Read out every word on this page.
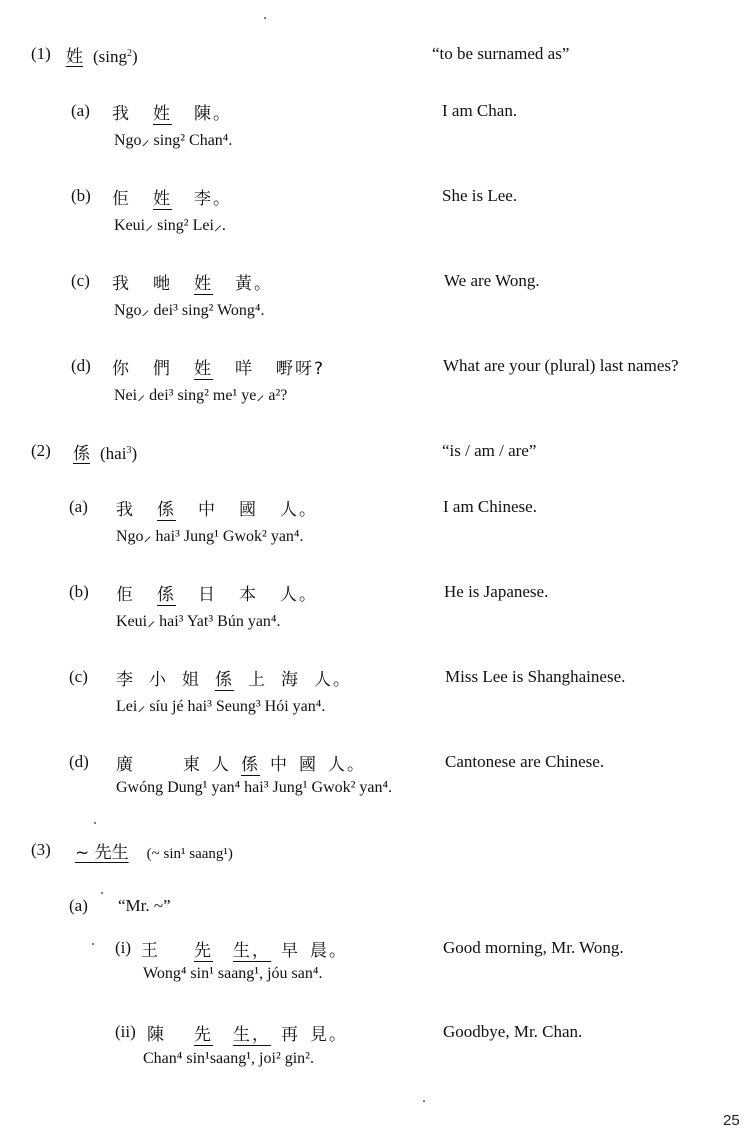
(1) 姓 (sing$^2$)	“to be surnamed as”
(a) 我 姓 陳。
Ngo⸝ sing² Chan⁴.
I am Chan.
(b) 佢 姓 李。
Keui⸝ sing² Lei⸝.
She is Lee.
(c) 我 哋 姓 黃。
Ngo⸝ dei³ sing² Wong⁴.
We are Wong.
(d) 你 們 姓 咩 嘢呀?
Nei⸝ dei³ sing² me¹ ye⸝ a²?
What are your (plural) last names?
(2) 係 (hai$^3$)	“is / am / are”
(a) 我 係 中 國 人。
Ngo⸝ hai³ Jung¹ Gwok² yan⁴.
I am Chinese.
(b) 佢 係 日 本 人。
Keui⸝ hai³ Yat³ Bún yan⁴.
He is Japanese.
(c) 李 小 姐 係 上 海 人。
Lei⸝ síu jé hai³ Seung³ Hói yan⁴.
Miss Lee is Shanghainese.
(d) 廣	東 人 係 中 國 人。
Gwóng Dung¹ yan⁴ hai³ Jung¹ Gwok² yan⁴.
Cantonese are Chinese.
(3) ~ 先生 (~ sin¹ saang¹)
(a) “Mr. ~”
(i) 王 先 生， 早 晨。
Wong⁴ sin¹ saang¹, jóu san⁴.
Good morning, Mr. Wong.
(ii) 陳 先 生， 再 見。
Chan⁴ sin¹saang¹, joi² gin².
Goodbye, Mr. Chan.
25
